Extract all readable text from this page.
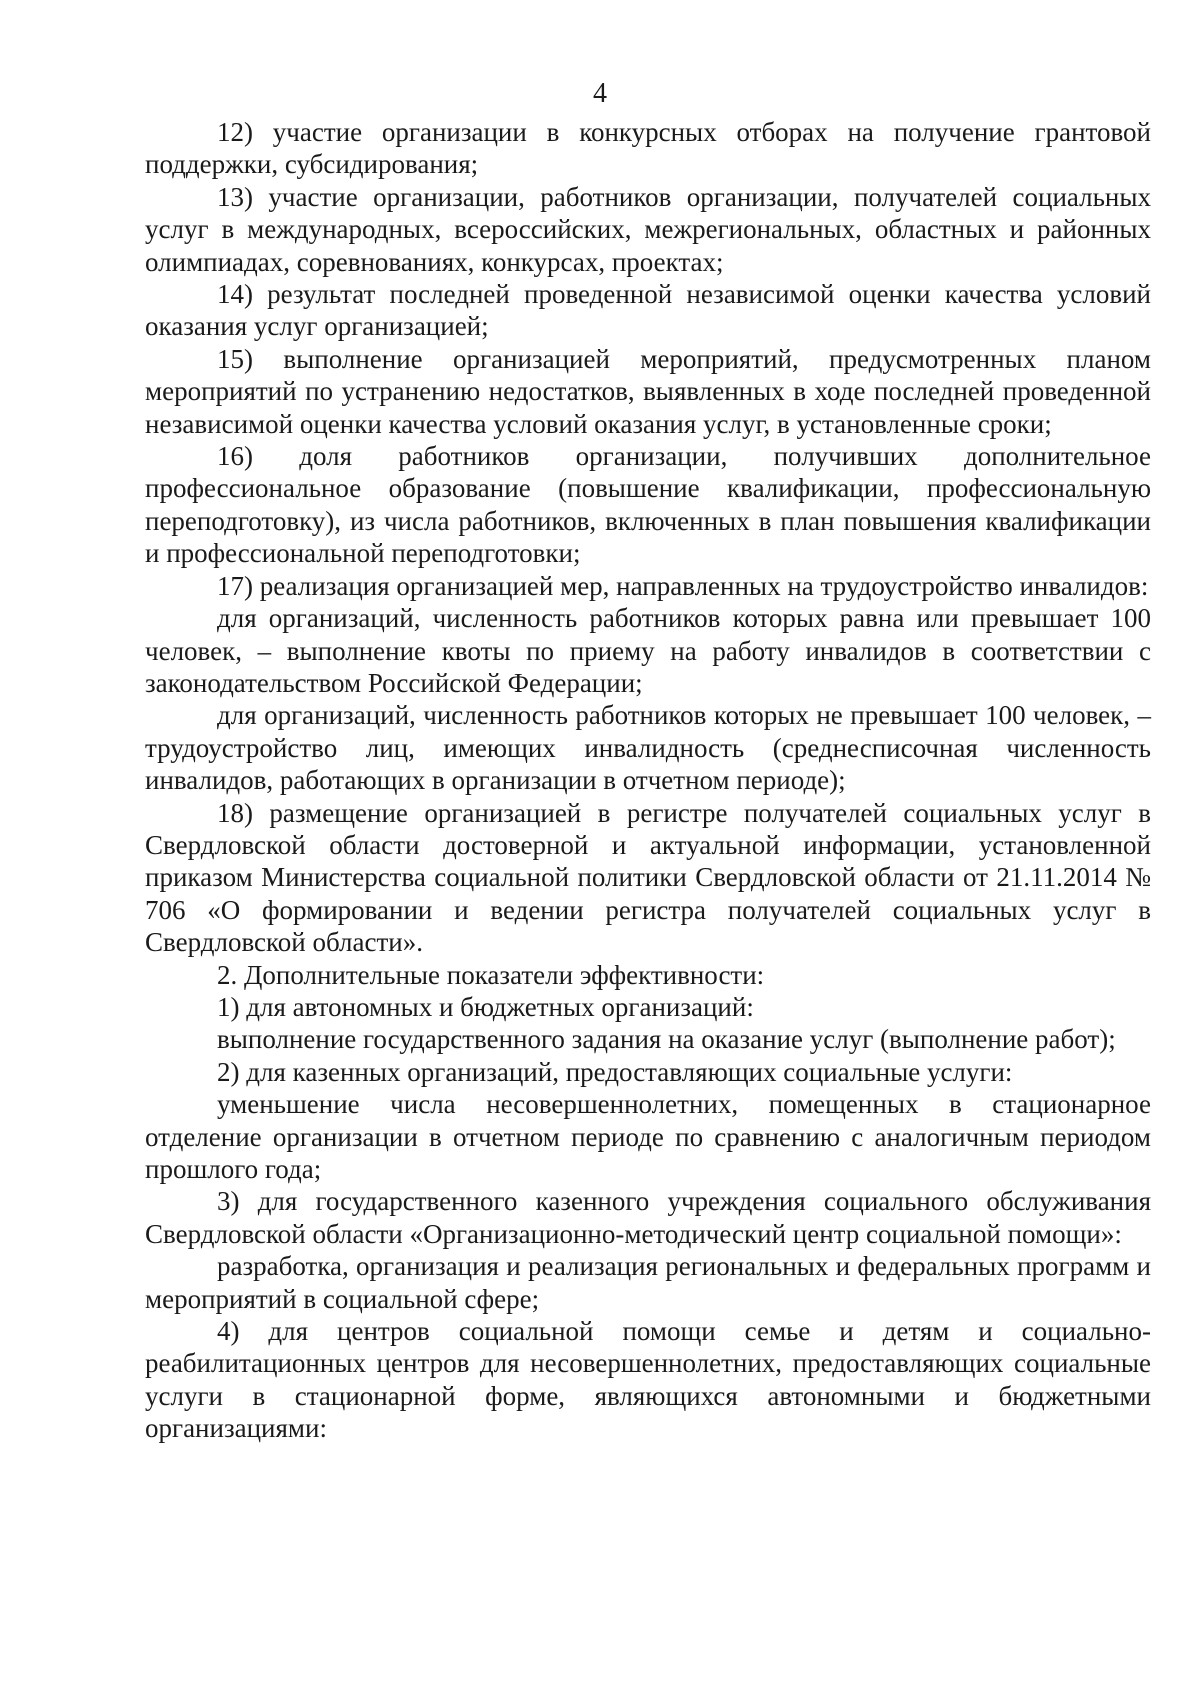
4

12) участие организации в конкурсных отборах на получение грантовой поддержки, субсидирования;

13) участие организации, работников организации, получателей социальных услуг в международных, всероссийских, межрегиональных, областных и районных олимпиадах, соревнованиях, конкурсах, проектах;

14) результат последней проведенной независимой оценки качества условий оказания услуг организацией;

15) выполнение организацией мероприятий, предусмотренных планом мероприятий по устранению недостатков, выявленных в ходе последней проведенной независимой оценки качества условий оказания услуг, в установленные сроки;

16) доля работников организации, получивших дополнительное профессиональное образование (повышение квалификации, профессиональную переподготовку), из числа работников, включенных в план повышения квалификации и профессиональной переподготовки;

17) реализация организацией мер, направленных на трудоустройство инвалидов:

для организаций, численность работников которых равна или превышает 100 человек, – выполнение квоты по приему на работу инвалидов в соответствии с законодательством Российской Федерации;

для организаций, численность работников которых не превышает 100 человек, – трудоустройство лиц, имеющих инвалидность (среднесписочная численность инвалидов, работающих в организации в отчетном периоде);

18) размещение организацией в регистре получателей социальных услуг в Свердловской области достоверной и актуальной информации, установленной приказом Министерства социальной политики Свердловской области от 21.11.2014 № 706 «О формировании и ведении регистра получателей социальных услуг в Свердловской области».

2. Дополнительные показатели эффективности:

1) для автономных и бюджетных организаций:

выполнение государственного задания на оказание услуг (выполнение работ);

2) для казенных организаций, предоставляющих социальные услуги:

уменьшение числа несовершеннолетних, помещенных в стационарное отделение организации в отчетном периоде по сравнению с аналогичным периодом прошлого года;

3) для государственного казенного учреждения социального обслуживания Свердловской области «Организационно-методический центр социальной помощи»:

разработка, организация и реализация региональных и федеральных программ и мероприятий в социальной сфере;

4) для центров социальной помощи семье и детям и социально-реабилитационных центров для несовершеннолетних, предоставляющих социальные услуги в стационарной форме, являющихся автономными и бюджетными организациями:
